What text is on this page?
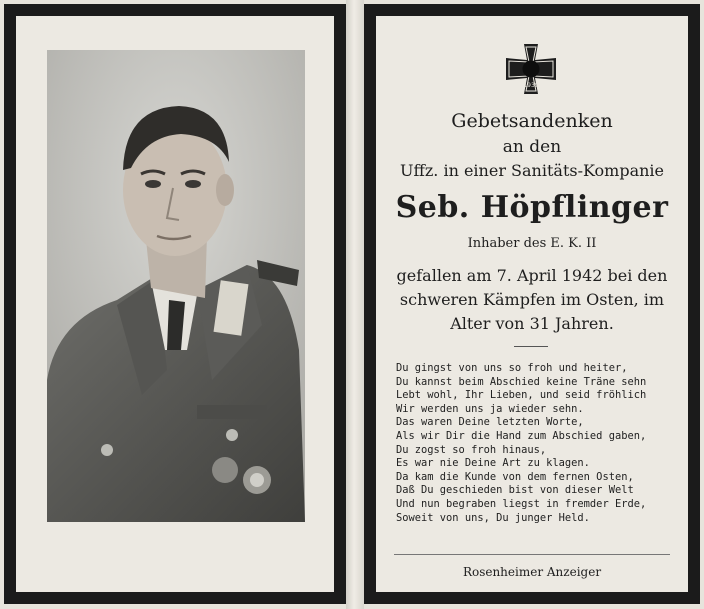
1939
Gebetsandenken
an den
Uffz. in einer Sanitäts-Kompanie
Seb. Höpflinger
Inhaber des E. K. II
gefallen am 7. April 1942 bei den
schweren Kämpfen im Osten, im
Alter von 31 Jahren.
Du gingst von uns so froh und heiter,
Du kannst beim Abschied keine Träne sehn
Lebt wohl, Ihr Lieben, und seid fröhlich
Wir werden uns ja wieder sehn.
Das waren Deine letzten Worte,
Als wir Dir die Hand zum Abschied gaben,
Du zogst so froh hinaus,
Es war nie Deine Art zu klagen.
Da kam die Kunde von dem fernen Osten,
Daß Du geschieden bist von dieser Welt
Und nun begraben liegst in fremder Erde,
Soweit von uns, Du junger Held.
Rosenheimer Anzeiger
